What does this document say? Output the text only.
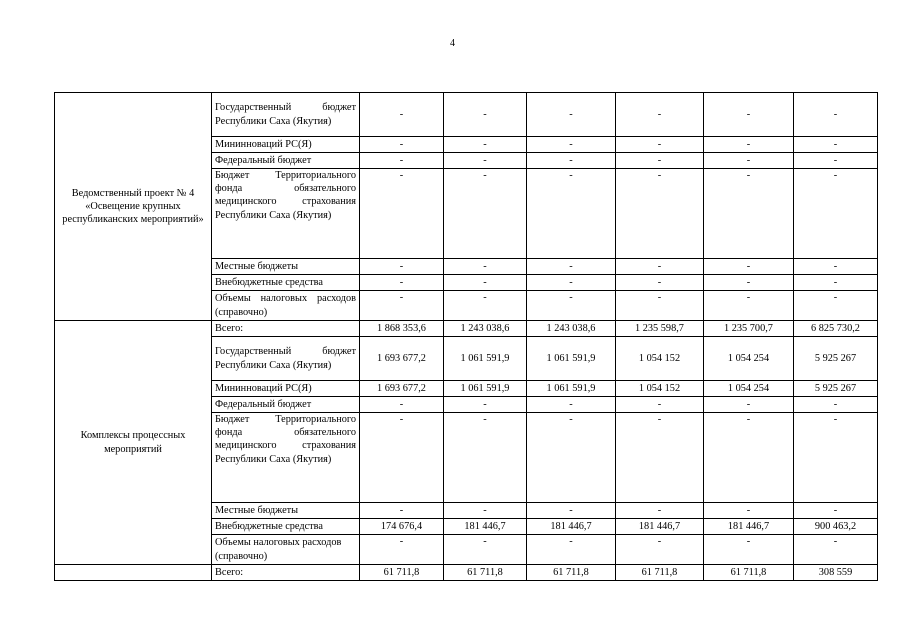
4
Ведомственный проект № 4 «Освещение крупных республиканских мероприятий»	Государственный бюджет Республики Саха (Якутия)	-	-	-	-	-	-
	Мининноваций РС(Я)	-	-	-	-	-	-
	Федеральный бюджет	-	-	-	-	-	-
	Бюджет Территориального фонда обязательного медицинского страхования Республики Саха (Якутия)	-	-	-	-	-	-
	Местные бюджеты	-	-	-	-	-	-
	Внебюджетные средства	-	-	-	-	-	-
	Объемы налоговых расходов (справочно)	-	-	-	-	-	-
Комплексы процессных мероприятий	Всего:	1 868 353,6	1 243 038,6	1 243 038,6	1 235 598,7	1 235 700,7	6 825 730,2
	Государственный бюджет Республики Саха (Якутия)	1 693 677,2	1 061 591,9	1 061 591,9	1 054 152	1 054 254	5 925 267
	Мининноваций РС(Я)	1 693 677,2	1 061 591,9	1 061 591,9	1 054 152	1 054 254	5 925 267
	Федеральный бюджет	-	-	-	-	-	-
	Бюджет Территориального фонда обязательного медицинского страхования Республики Саха (Якутия)	-	-	-	-	-	-
	Местные бюджеты	-	-	-	-	-	-
	Внебюджетные средства	174 676,4	181 446,7	181 446,7	181 446,7	181 446,7	900 463,2
	Объемы налоговых расходов (справочно)	-	-	-	-	-	-
	Всего:	61 711,8	61 711,8	61 711,8	61 711,8	61 711,8	308 559
